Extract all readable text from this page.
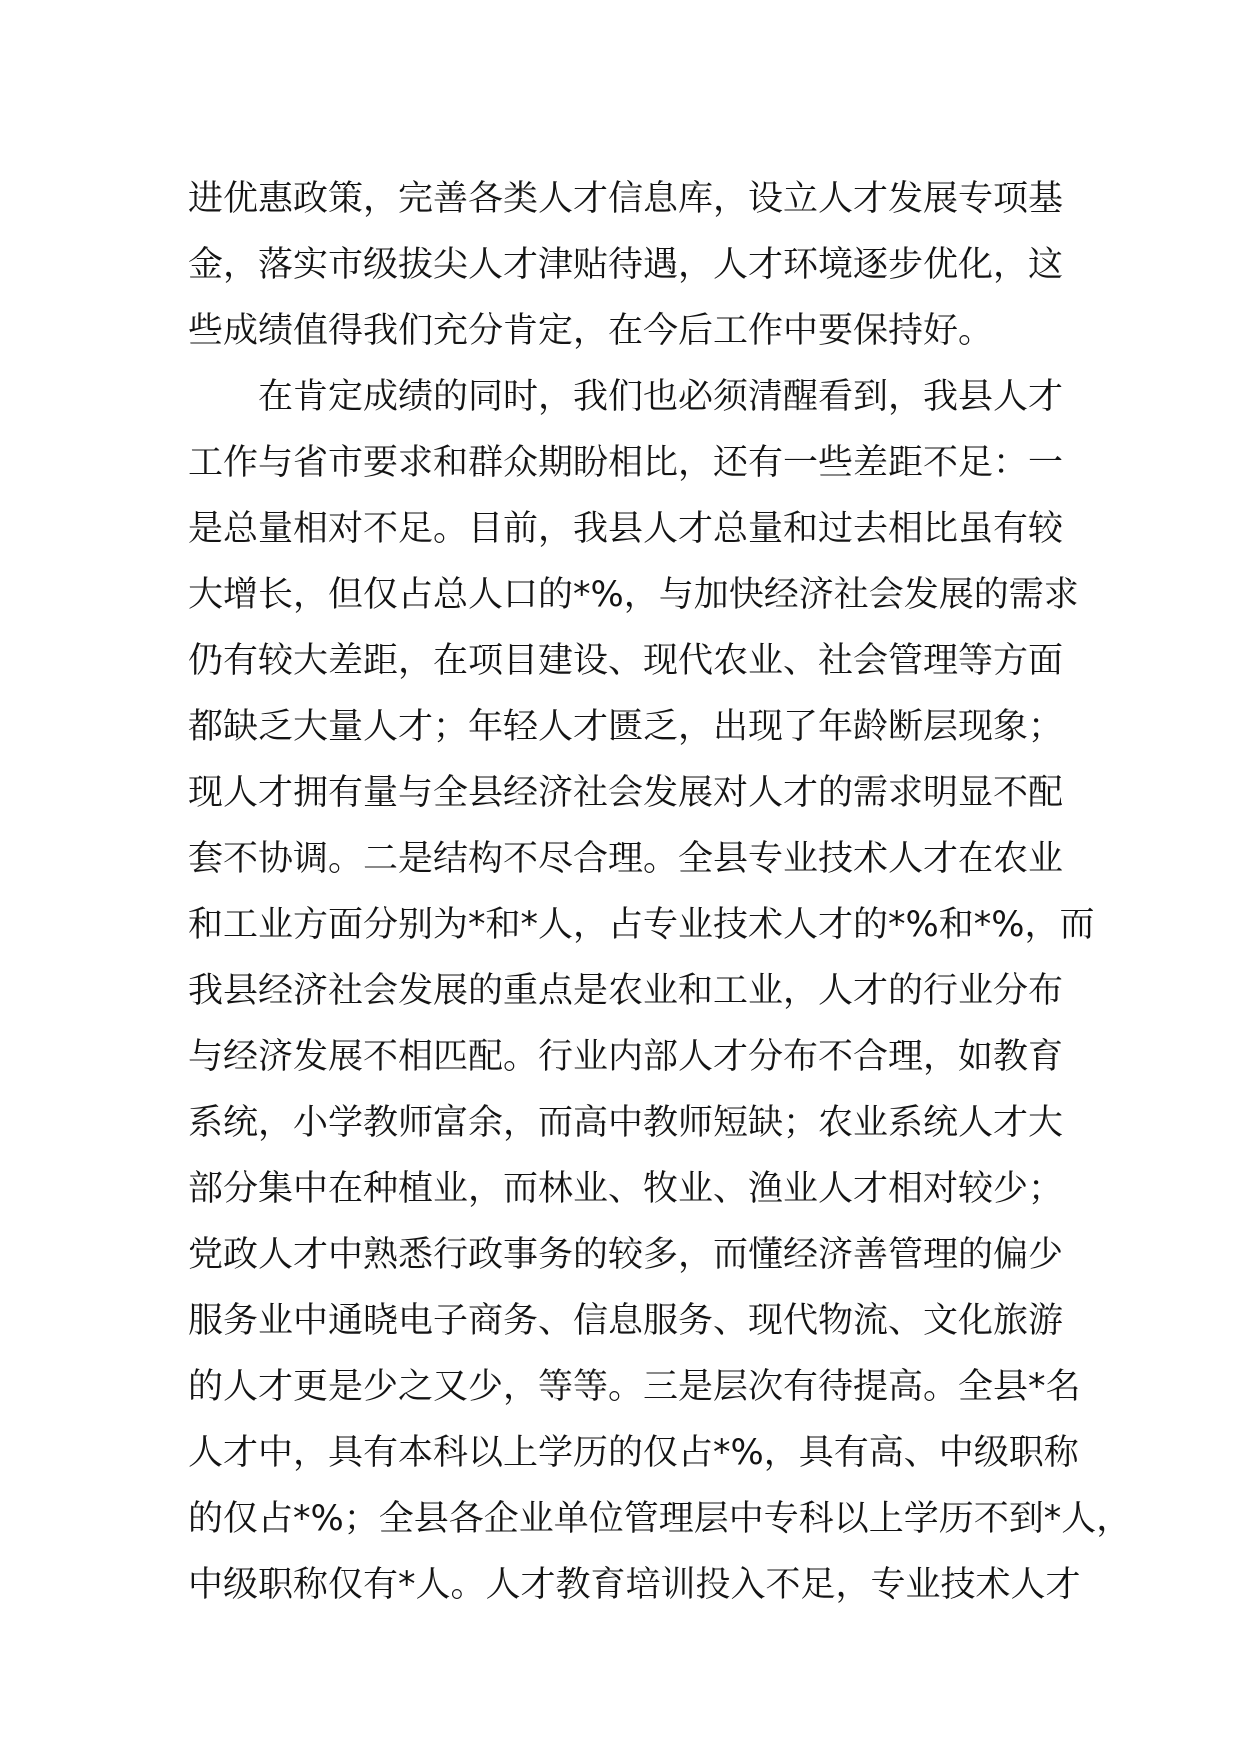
进优惠政策，完善各类人才信息库，设立人才发展专项基
金，落实市级拔尖人才津贴待遇，人才环境逐步优化，这
些成绩值得我们充分肯定，在今后工作中要保持好。
　　在肯定成绩的同时，我们也必须清醒看到，我县人才
工作与省市要求和群众期盼相比，还有一些差距不足：一
是总量相对不足。目前，我县人才总量和过去相比虽有较
大增长，但仅占总人口的*%，与加快经济社会发展的需求
仍有较大差距，在项目建设、现代农业、社会管理等方面
都缺乏大量人才；年轻人才匮乏，出现了年龄断层现象；
现人才拥有量与全县经济社会发展对人才的需求明显不配
套不协调。二是结构不尽合理。全县专业技术人才在农业
和工业方面分别为*和*人，占专业技术人才的*%和*%，而
我县经济社会发展的重点是农业和工业，人才的行业分布
与经济发展不相匹配。行业内部人才分布不合理，如教育
系统，小学教师富余，而高中教师短缺；农业系统人才大
部分集中在种植业，而林业、牧业、渔业人才相对较少；
党政人才中熟悉行政事务的较多，而懂经济善管理的偏少
服务业中通晓电子商务、信息服务、现代物流、文化旅游
的人才更是少之又少，等等。三是层次有待提高。全县*名
人才中，具有本科以上学历的仅占*%，具有高、中级职称
的仅占*%；全县各企业单位管理层中专科以上学历不到*人，
中级职称仅有*人。人才教育培训投入不足，专业技术人才
